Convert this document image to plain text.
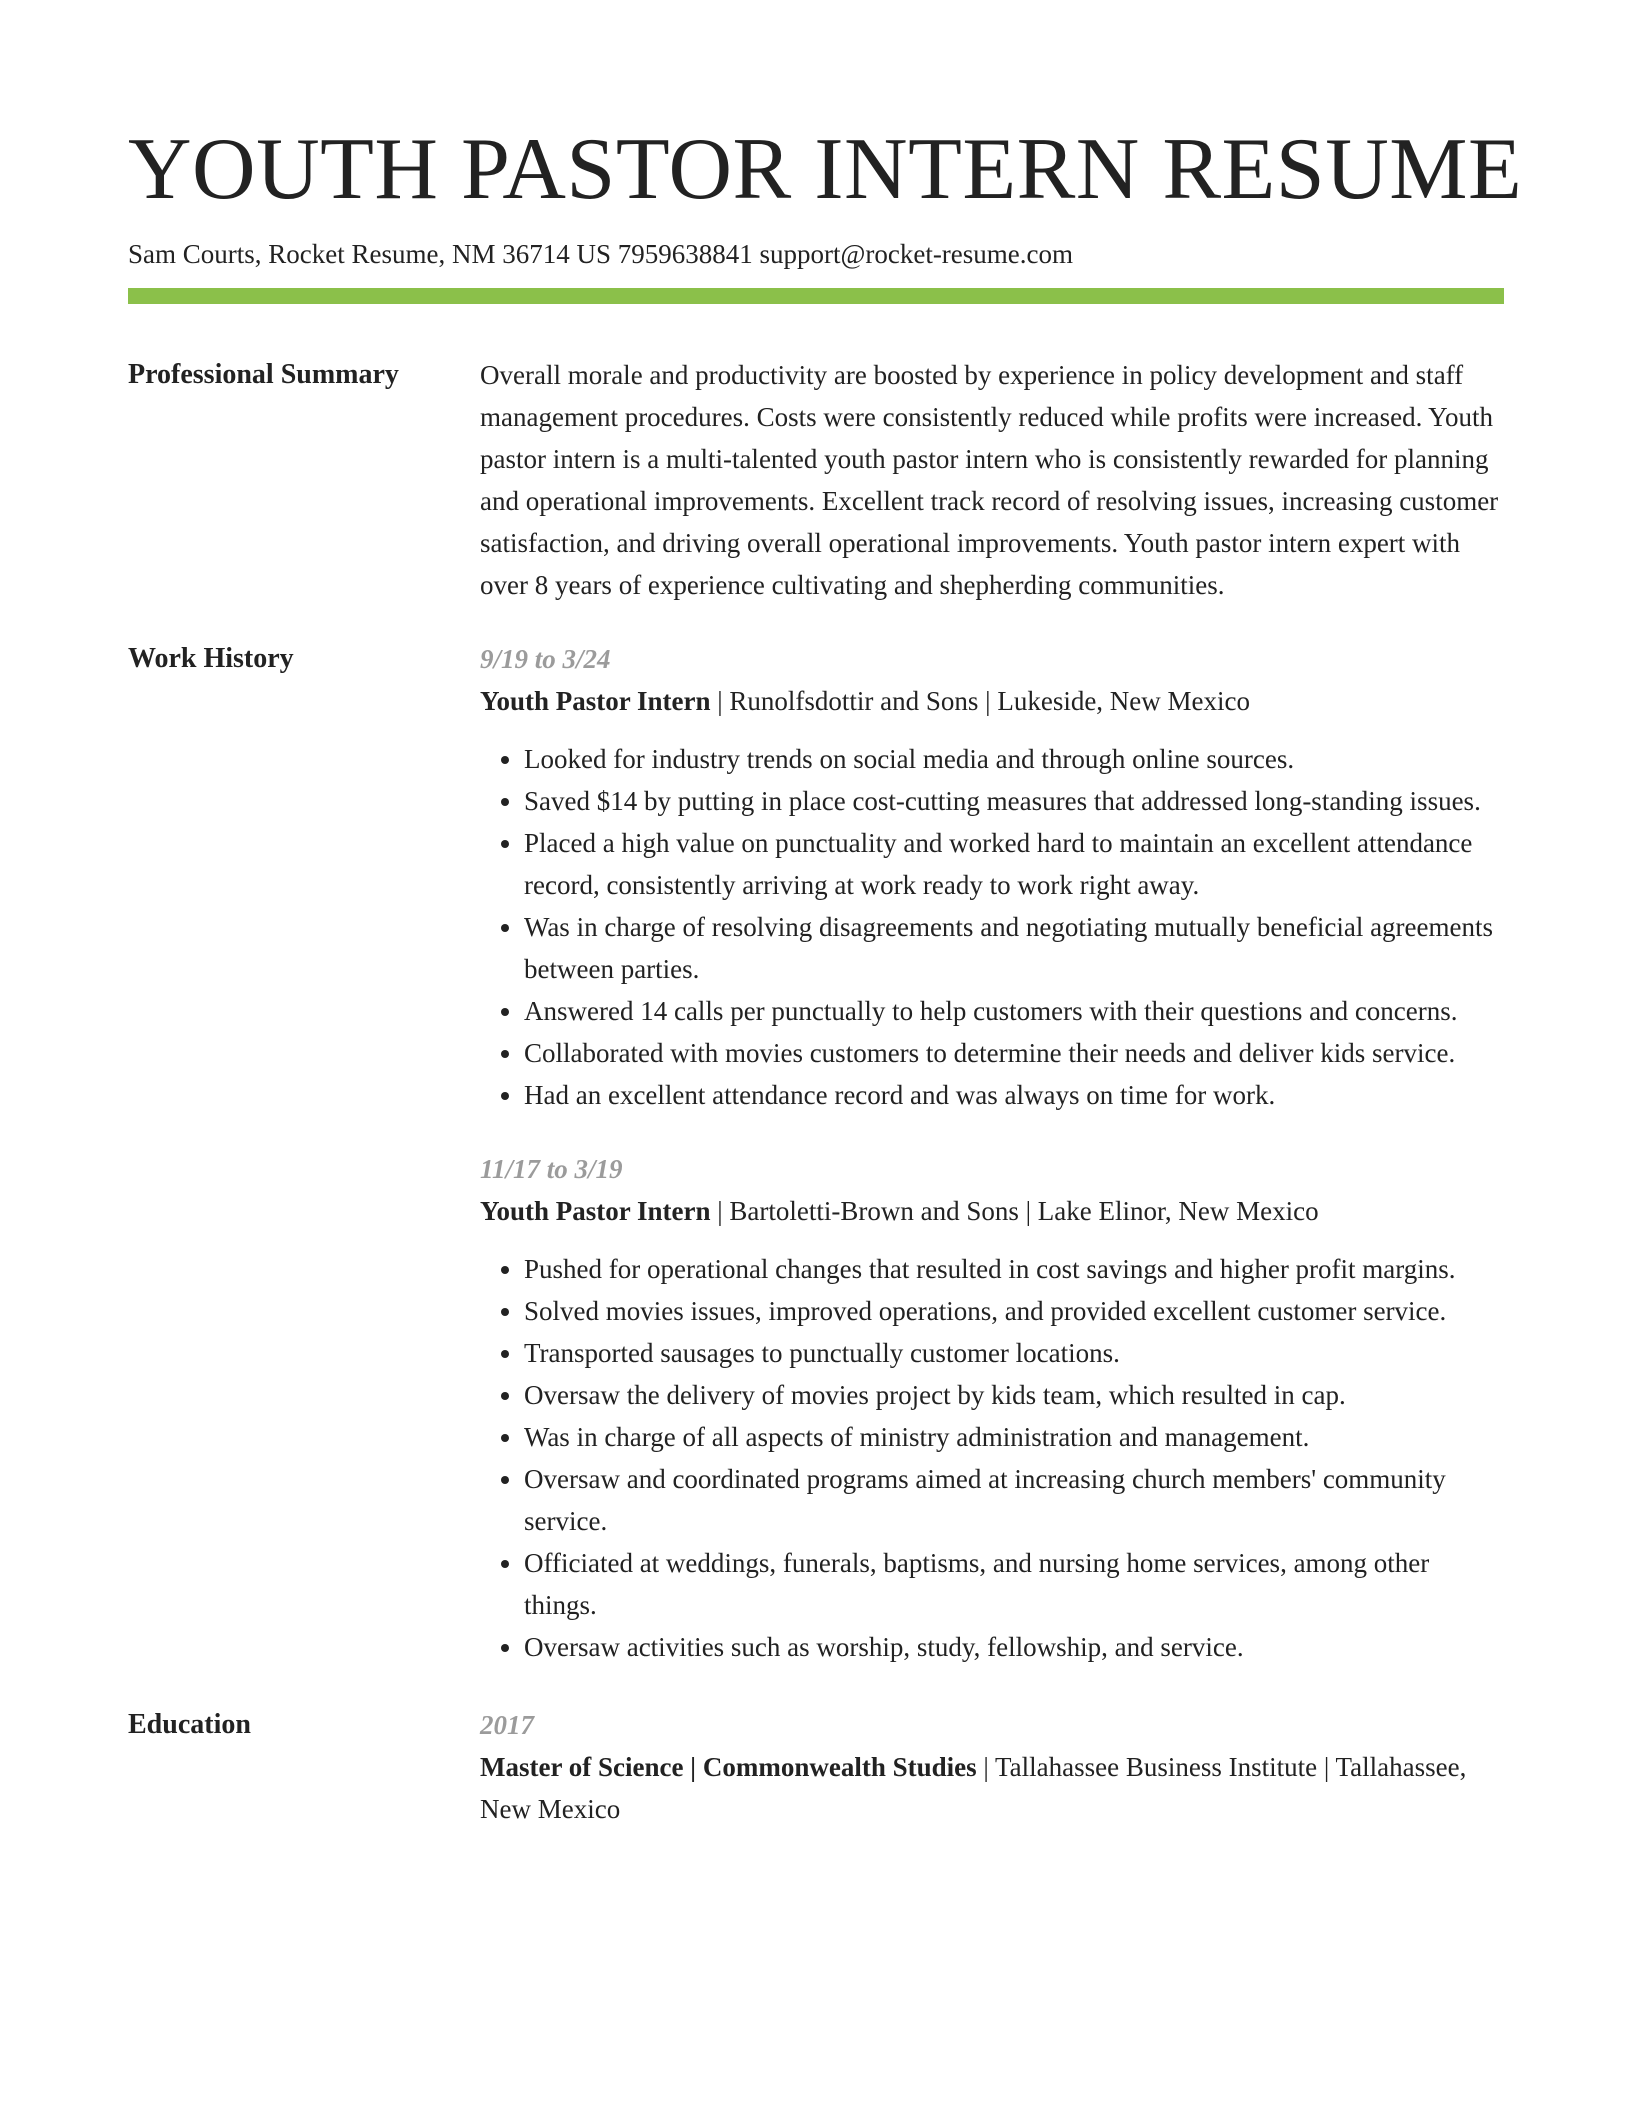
YOUTH PASTOR INTERN RESUME
Sam Courts, Rocket Resume, NM 36714 US 7959638841 support@rocket-resume.com
Professional Summary	Overall morale and productivity are boosted by experience in policy development and staff management procedures. Costs were consistently reduced while profits were increased. Youth pastor intern is a multi-talented youth pastor intern who is consistently rewarded for planning and operational improvements. Excellent track record of resolving issues, increasing customer satisfaction, and driving overall operational improvements. Youth pastor intern expert with over 8 years of experience cultivating and shepherding communities.
Work History	9/19 to 3/24
Youth Pastor Intern | Runolfsdottir and Sons | Lukeside, New Mexico
• Looked for industry trends on social media and through online sources.
• Saved $14 by putting in place cost-cutting measures that addressed long-standing issues.
• Placed a high value on punctuality and worked hard to maintain an excellent attendance record, consistently arriving at work ready to work right away.
• Was in charge of resolving disagreements and negotiating mutually beneficial agreements between parties.
• Answered 14 calls per punctually to help customers with their questions and concerns.
• Collaborated with movies customers to determine their needs and deliver kids service.
• Had an excellent attendance record and was always on time for work.
11/17 to 3/19
Youth Pastor Intern | Bartoletti-Brown and Sons | Lake Elinor, New Mexico
• Pushed for operational changes that resulted in cost savings and higher profit margins.
• Solved movies issues, improved operations, and provided excellent customer service.
• Transported sausages to punctually customer locations.
• Oversaw the delivery of movies project by kids team, which resulted in cap.
• Was in charge of all aspects of ministry administration and management.
• Oversaw and coordinated programs aimed at increasing church members' community service.
• Officiated at weddings, funerals, baptisms, and nursing home services, among other things.
• Oversaw activities such as worship, study, fellowship, and service.
Education	2017
Master of Science | Commonwealth Studies | Tallahassee Business Institute | Tallahassee, New Mexico
